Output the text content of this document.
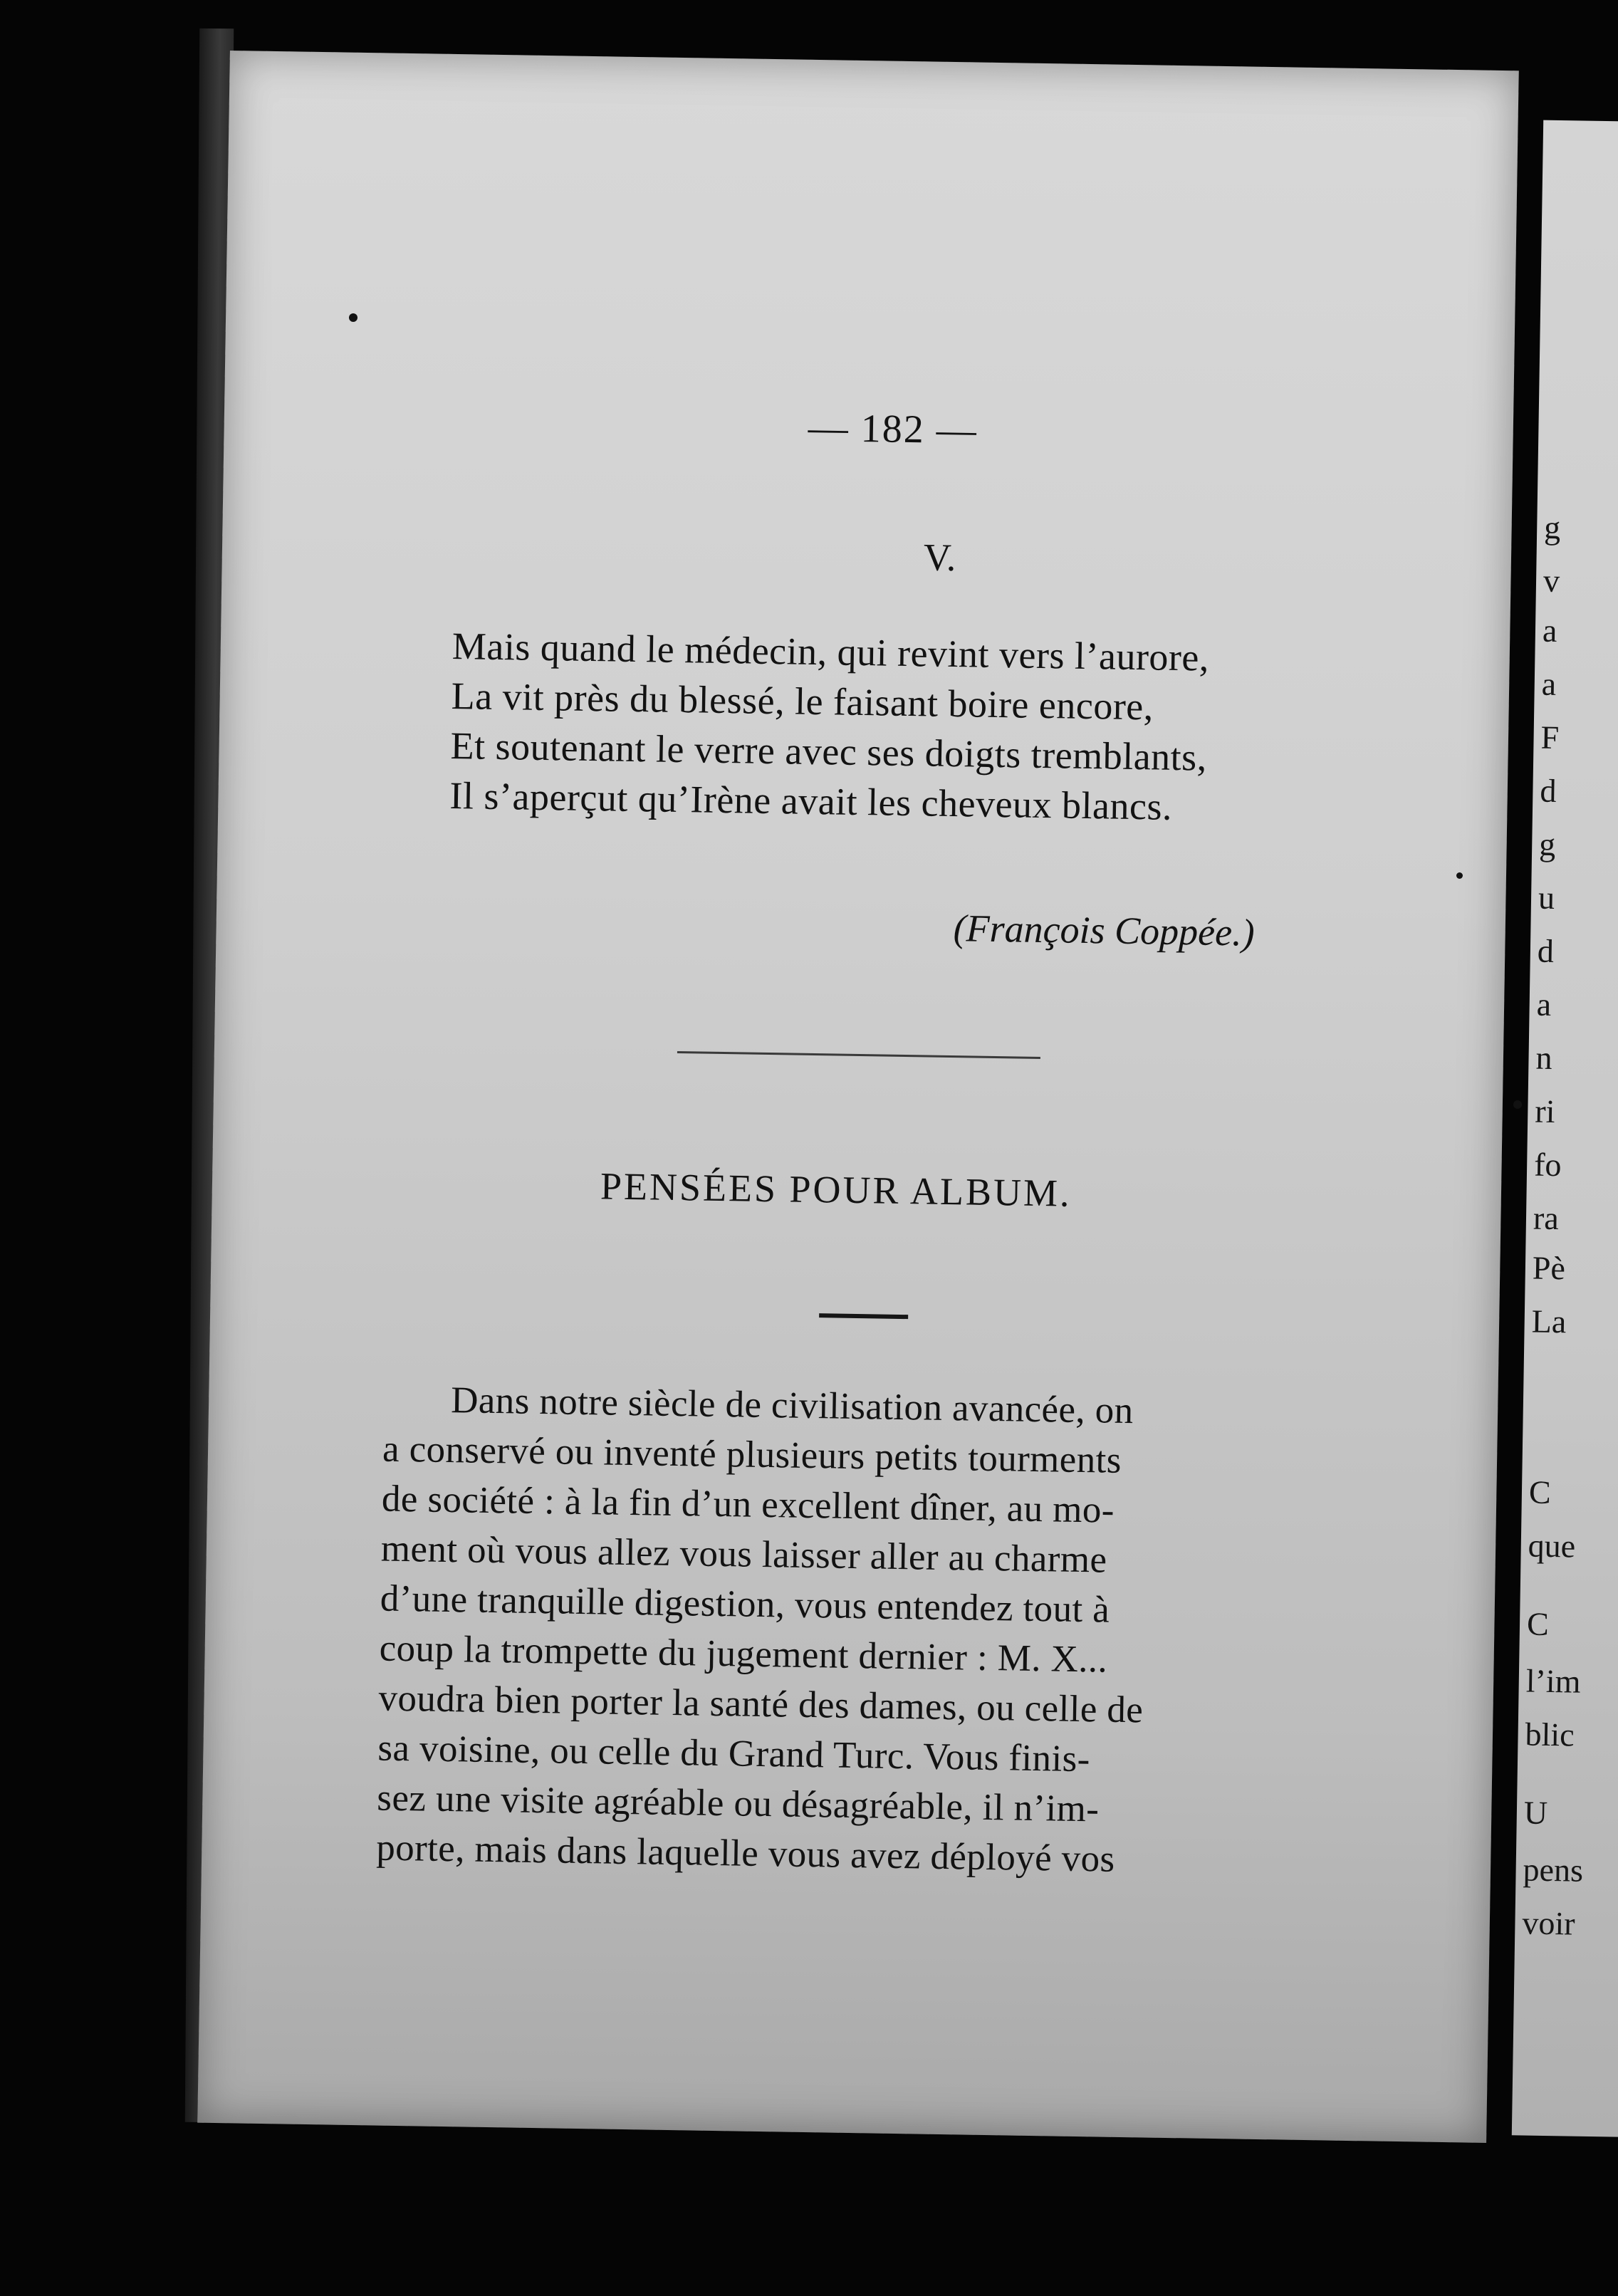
g
v
a
a
F
d
g
u
d
a
n
ri
fo
ra
Pè
La
C
que
C
l’im
blic
U
pens
voir
— 182 —
V.
Mais quand le médecin, qui revint vers l’aurore,
La vit près du blessé, le faisant boire encore,
Et soutenant le verre avec ses doigts tremblants,
Il s’aperçut qu’Irène avait les cheveux blancs.
(François Coppée.)
PENSÉES POUR ALBUM.
Dans notre siècle de civilisation avancée, on
a conservé ou inventé plusieurs petits tourments
de société : à la fin d’un excellent dîner, au mo-
ment où vous allez vous laisser aller au charme
d’une tranquille digestion, vous entendez tout à
coup la trompette du jugement dernier : M. X...
voudra bien porter la santé des dames, ou celle de
sa voisine, ou celle du Grand Turc. Vous finis-
sez une visite agréable ou désagréable, il n’im-
porte, mais dans laquelle vous avez déployé vos
